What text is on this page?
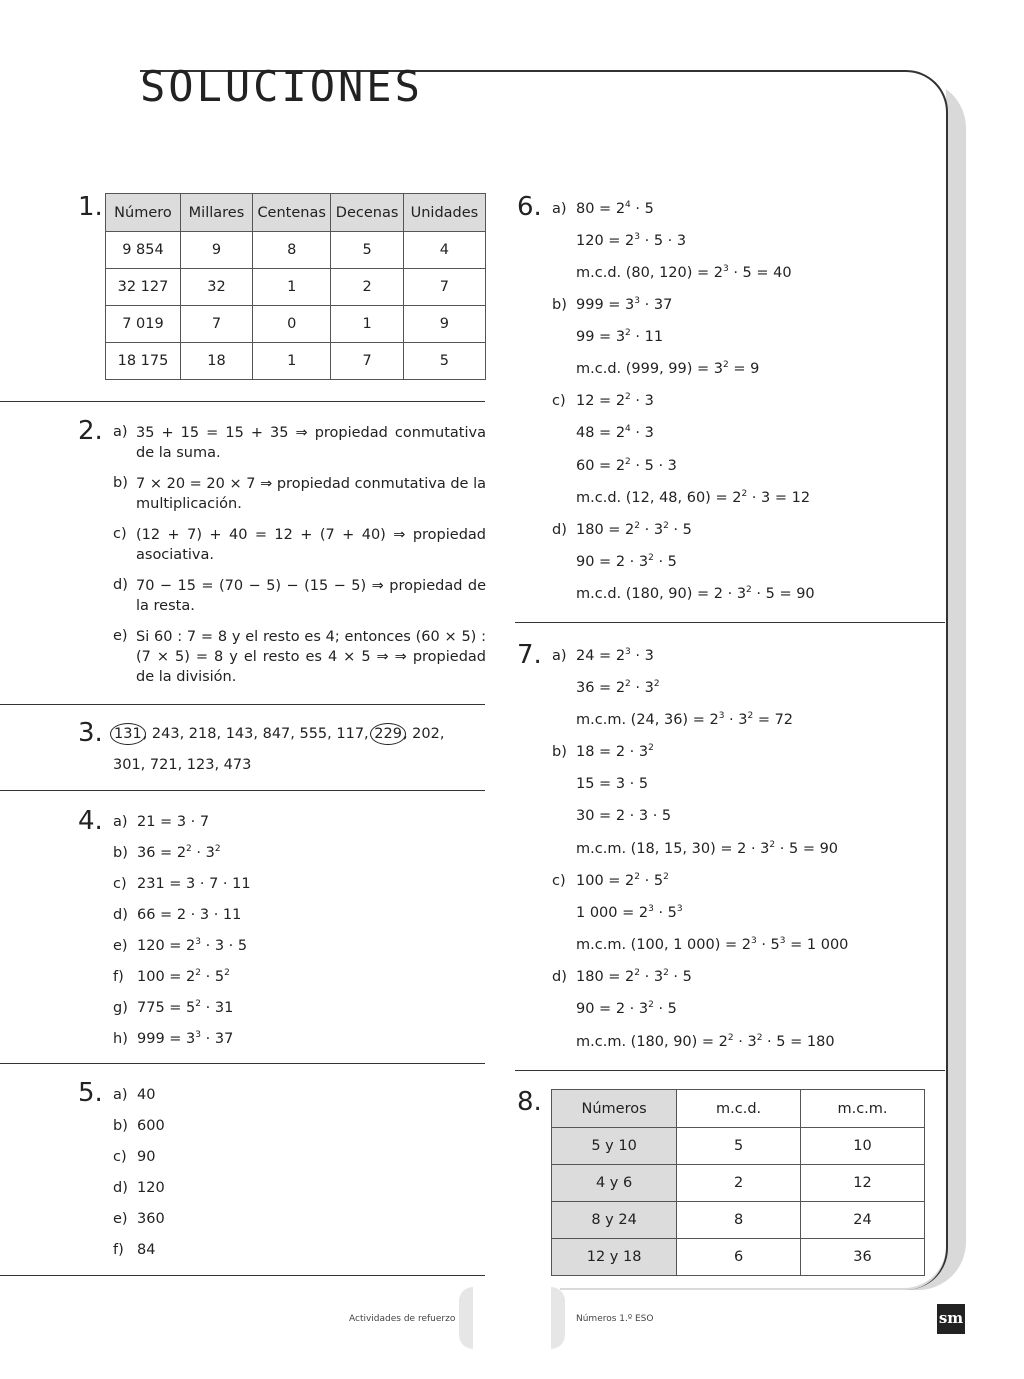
SOLUCIONES
1. Número	Millares	Centenas	Decenas	Unidades
9 854	9	8	5	4
32 127	32	1	2	7
7 019	7	0	1	9
18 175	18	1	7	5
2. a) 35 + 15 = 15 + 35 ⇒ propiedad conmutativa de la suma.
b) 7 × 20 = 20 × 7 ⇒ propiedad conmutativa de la multiplicación.
c) (12 + 7) + 40 = 12 + (7 + 40) ⇒ propiedad asociativa.
d) 70 − 15 = (70 − 5) − (15 − 5) ⇒ propiedad de la resta.
e) Si 60 : 7 = 8 y el resto es 4; entonces (60 × 5) : (7 × 5) = 8 y el resto es 4 × 5 ⇒ ⇒ propiedad de la división.
3. 131, 243, 218, 143, 847, 555, 117, 229, 202,
301, 721, 123, 473
4. a) 21 = 3 · 7
b) $36 = 2^2 \cdot 3^2$
c) 231 = 3 · 7 · 11
d) 66 = 2 · 3 · 11
e) $120 = 2^3 \cdot 3 \cdot 5$
f) $100 = 2^2 \cdot 5^2$
g) $775 = 5^2 \cdot 31$
h) $999 = 3^3 \cdot 37$
5. a) 40
b) 600
c) 90
d) 120
e) 360
f) 84
6. a) $80 = 2^4 \cdot 5$
$120 = 2^3 \cdot 5 \cdot 3$
m.c.d. (80, $120) = 2^3 \cdot 5 = 40$
b) $999 = 3^3 \cdot 37$
$99 = 3^2 \cdot 11$
m.c.d. (999, $99) = 3^2 = 9$
c) $12 = 2^2 \cdot 3$
$48 = 2^4 \cdot 3$
$60 = 2^2 \cdot 5 \cdot 3$
m.c.d. (12, 48, $60) = 2^2 \cdot 3 = 12$
d) $180 = 2^2 \cdot 3^2 \cdot 5$
$90 = 2 \cdot 3^2 \cdot 5$
m.c.d. (180, $90) = 2 \cdot 3^2 \cdot 5 = 90$
7. a) $24 = 2^3 \cdot 3$
$36 = 2^2 \cdot 3^2$
m.c.m. (24, $36) = 2^3 \cdot 3^2 = 72$
b) $18 = 2 \cdot 3^2$
15 = 3 · 5
30 = 2 · 3 · 5
m.c.m. (18, 15, $30) = 2 \cdot 3^2 \cdot 5 = 90$
c) $100 = 2^2 \cdot 5^2$
1 $000 = 2^3 \cdot 5^3$
m.c.m. (100, 1 $000) = 2^3 \cdot 5^3 = 1$ 000
d) $180 = 2^2 \cdot 3^2 \cdot 5$
$90 = 2 \cdot 3^2 \cdot 5$
m.c.m. (180, $90) = 2^2 \cdot 3^2 \cdot 5 = 180$
8.	Números	m.c.d.	m.c.m.
5 y 10	5	10
4 y 6	2	12
8 y 24	8	24
12 y 18	6	36
Actividades de refuerzo	Números 1.º ESO	sm
